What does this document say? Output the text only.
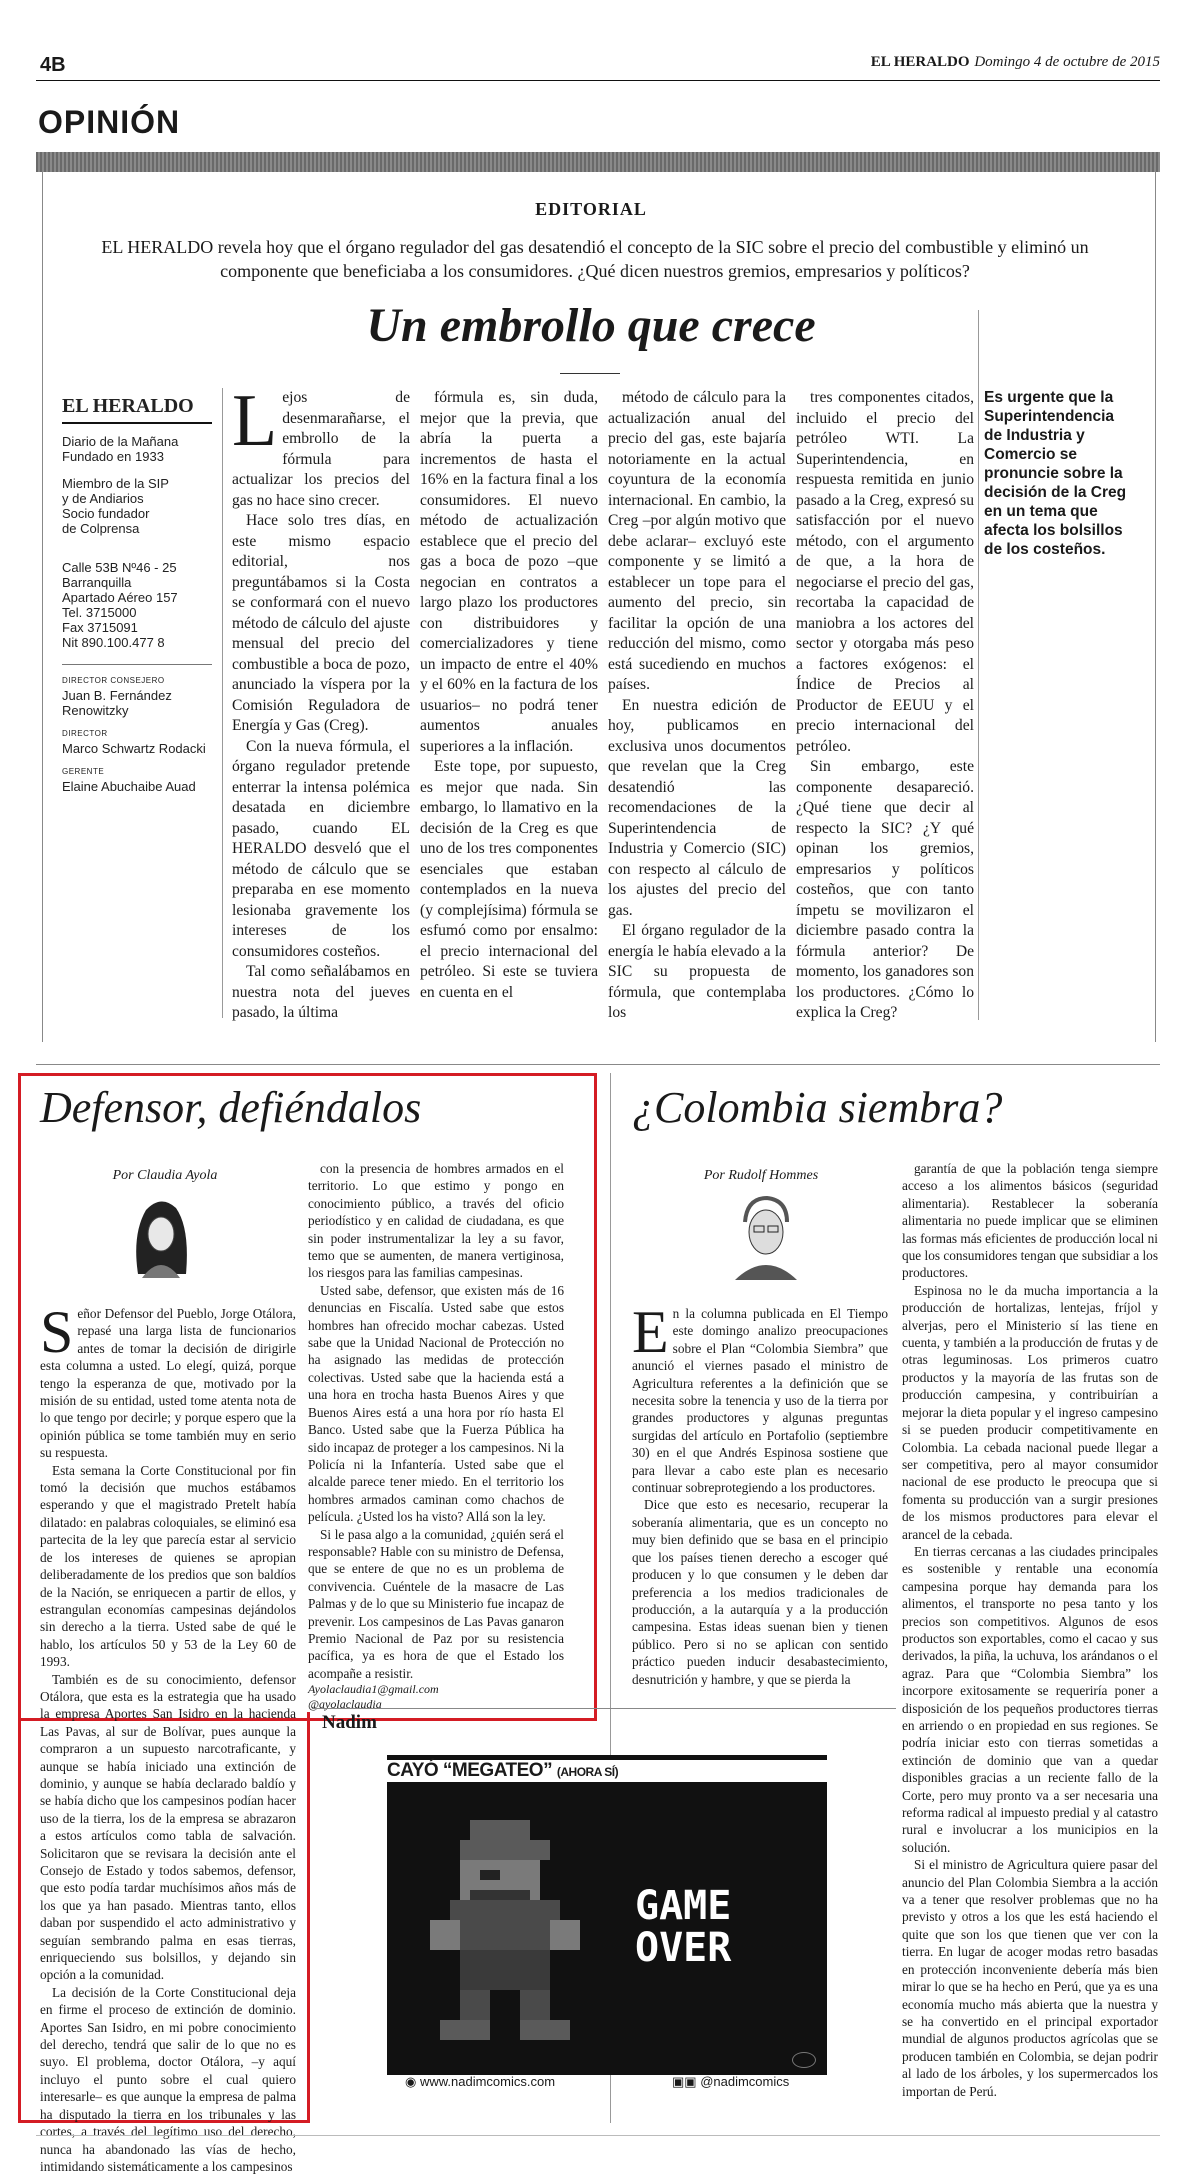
4B	EL HERALDO Domingo 4 de octubre de 2015
OPINIÓN
EDITORIAL
EL HERALDO revela hoy que el órgano regulador del gas desatendió el concepto de la SIC sobre el precio del combustible y eliminó un componente que beneficiaba a los consumidores. ¿Qué dicen nuestros gremios, empresarios y políticos?
Un embrollo que crece
EL HERALDO
Diario de la Mañana
Fundado en 1933
Miembro de la SIP
y de Andiarios
Socio fundador
de Colprensa
Calle 53B Nº46 - 25
Barranquilla
Apartado Aéreo 157
Tel. 3715000
Fax 3715091
Nit 890.100.477 8
DIRECTOR CONSEJERO
Juan B. Fernández Renowitzky
DIRECTOR
Marco Schwartz Rodacki
GERENTE
Elaine Abuchaibe Auad

Lejos de desenmarañarse, el embrollo de la fórmula para actualizar los precios del gas no hace sino crecer.

Hace solo tres días, en este mismo espacio editorial, nos preguntábamos si la Costa se conformará con el nuevo método de cálculo del ajuste mensual del precio del combustible a boca de pozo, anunciado la víspera por la Comisión Reguladora de Energía y Gas (Creg).

Con la nueva fórmula, el órgano regulador pretende enterrar la intensa polémica desatada en diciembre pasado, cuando EL HERALDO desveló que el método de cálculo que se preparaba en ese momento lesionaba gravemente los intereses de los consumidores costeños.

Tal como señalábamos en nuestra nota del jueves pasado, la última

fórmula es, sin duda, mejor que la previa, que abría la puerta a incrementos de hasta el 16% en la factura final a los consumidores. El nuevo método de actualización establece que el precio del gas a boca de pozo –que negocian en contratos a largo plazo los productores con distribuidores y comercializadores y tiene un impacto de entre el 40% y el 60% en la factura de los usuarios– no podrá tener aumentos anuales superiores a la inflación.

Este tope, por supuesto, es mejor que nada. Sin embargo, lo llamativo en la decisión de la Creg es que uno de los tres componentes esenciales que estaban contemplados en la nueva (y complejísima) fórmula se esfumó como por ensalmo: el precio internacional del petróleo. Si este se tuviera en cuenta en el

método de cálculo para la actualización anual del precio del gas, este bajaría notoriamente en la actual coyuntura de la economía internacional. En cambio, la Creg –por algún motivo que debe aclarar– excluyó este componente y se limitó a establecer un tope para el aumento del precio, sin facilitar la opción de una reducción del mismo, como está sucediendo en muchos países.

En nuestra edición de hoy, publicamos en exclusiva unos documentos que revelan que la Creg desatendió las recomendaciones de la Superintendencia de Industria y Comercio (SIC) con respecto al cálculo de los ajustes del precio del gas.

El órgano regulador de la energía le había elevado a la SIC su propuesta de fórmula, que contemplaba los

tres componentes citados, incluido el precio del petróleo WTI. La Superintendencia, en respuesta remitida en junio pasado a la Creg, expresó su satisfacción por el nuevo método, con el argumento de que, a la hora de negociarse el precio del gas, recortaba la capacidad de maniobra a los actores del sector y otorgaba más peso a factores exógenos: el Índice de Precios al Productor de EEUU y el precio internacional del petróleo.

Sin embargo, este componente desapareció. ¿Qué tiene que decir al respecto la SIC? ¿Y qué opinan los gremios, empresarios y políticos costeños, que con tanto ímpetu se movilizaron el diciembre pasado contra la fórmula anterior? De momento, los ganadores son los productores. ¿Cómo lo explica la Creg?

Es urgente que la Superintendencia de Industria y Comercio se pronuncie sobre la decisión de la Creg en un tema que afecta los bolsillos de los costeños.
Defensor, defiéndalos
Por Claudia Ayola

Señor Defensor del Pueblo, Jorge Otálora, repasé una larga lista de funcionarios antes de tomar la decisión de dirigirle esta columna a usted. Lo elegí, quizá, porque tengo la esperanza de que, motivado por la misión de su entidad, usted tome atenta nota de lo que tengo por decirle; y porque espero que la opinión pública se tome también muy en serio su respuesta.

Esta semana la Corte Constitucional por fin tomó la decisión que muchos estábamos esperando y que el magistrado Pretelt había dilatado: en palabras coloquiales, se eliminó esa partecita de la ley que parecía estar al servicio de los intereses de quienes se apropian deliberadamente de los predios que son baldíos de la Nación, se enriquecen a partir de ellos, y estrangulan economías campesinas dejándolos sin derecho a la tierra. Usted sabe de qué le hablo, los artículos 50 y 53 de la Ley 60 de 1993.

También es de su conocimiento, defensor Otálora, que esta es la estrategia que ha usado la empresa Aportes San Isidro en la hacienda Las Pavas, al sur de Bolívar, pues aunque la compraron a un supuesto narcotraficante, y aunque se había iniciado una extinción de dominio, y aunque se había declarado baldío y se había dicho que los campesinos podían hacer uso de la tierra, los de la empresa se abrazaron a estos artículos como tabla de salvación. Solicitaron que se revisara la decisión ante el Consejo de Estado y todos sabemos, defensor, que esto podía tardar muchísimos años más de los que ya han pasado. Mientras tanto, ellos daban por suspendido el acto administrativo y seguían sembrando palma en esas tierras, enriqueciendo sus bolsillos, y dejando sin opción a la comunidad.

La decisión de la Corte Constitucional deja en firme el proceso de extinción de dominio. Aportes San Isidro, en mi pobre conocimiento del derecho, tendrá que salir de lo que no es suyo. El problema, doctor Otálora, –y aquí incluyo el punto sobre el cual quiero interesarle– es que aunque la empresa de palma ha disputado la tierra en los tribunales y las cortes, a través del legítimo uso del derecho, nunca ha abandonado las vías de hecho, intimidando sistemáticamente a los campesinos

con la presencia de hombres armados en el territorio. Lo que estimo y pongo en conocimiento público, a través del oficio periodístico y en calidad de ciudadana, es que sin poder instrumentalizar la ley a su favor, temo que se aumenten, de manera vertiginosa, los riesgos para las familias campesinas.

Usted sabe, defensor, que existen más de 16 denuncias en Fiscalía. Usted sabe que estos hombres han ofrecido mochar cabezas. Usted sabe que la Unidad Nacional de Protección no ha asignado las medidas de protección colectivas. Usted sabe que la hacienda está a una hora en trocha hasta Buenos Aires y que Buenos Aires está a una hora por río hasta El Banco. Usted sabe que la Fuerza Pública ha sido incapaz de proteger a los campesinos. Ni la Policía ni la Infantería. Usted sabe que el alcalde parece tener miedo. En el territorio los hombres armados caminan como chachos de película. ¿Usted los ha visto? Allá son la ley.

Si le pasa algo a la comunidad, ¿quién será el responsable? Hable con su ministro de Defensa, que se entere de que no es un problema de convivencia. Cuéntele de la masacre de Las Palmas y de lo que su Ministerio fue incapaz de prevenir. Los campesinos de Las Pavas ganaron Premio Nacional de Paz por su resistencia pacífica, ya es hora de que el Estado los acompañe a resistir.

Ayolaclaudia1@gmail.com
@ayolaclaudia
¿Colombia siembra?
Por Rudolf Hommes

En la columna publicada en El Tiempo este domingo analizo preocupaciones sobre el Plan “Colombia Siembra” que anunció el viernes pasado el ministro de Agricultura referentes a la definición que se necesita sobre la tenencia y uso de la tierra por grandes productores y algunas preguntas surgidas del artículo en Portafolio (septiembre 30) en el que Andrés Espinosa sostiene que para llevar a cabo este plan es necesario continuar sobreprotegiendo a los productores.

Dice que esto es necesario, recuperar la soberanía alimentaria, que es un concepto no muy bien definido que se basa en el principio que los países tienen derecho a escoger qué producen y lo que consumen y le deben dar preferencia a los medios tradicionales de producción, a la autarquía y a la producción campesina. Estas ideas suenan bien y tienen público. Pero si no se aplican con sentido práctico pueden inducir desabastecimiento, desnutrición y hambre, y que se pierda la

garantía de que la población tenga siempre acceso a los alimentos básicos (seguridad alimentaria). Restablecer la soberanía alimentaria no puede implicar que se eliminen las formas más eficientes de producción local ni que los consumidores tengan que subsidiar a los productores.

Espinosa no le da mucha importancia a la producción de hortalizas, lentejas, fríjol y alverjas, pero el Ministerio sí las tiene en cuenta, y también a la producción de frutas y de otras leguminosas. Los primeros cuatro productos y la mayoría de las frutas son de producción campesina, y contribuirían a mejorar la dieta popular y el ingreso campesino si se pueden producir competitivamente en Colombia. La cebada nacional puede llegar a ser competitiva, pero al mayor consumidor nacional de ese producto le preocupa que si fomenta su producción van a surgir presiones de los mismos productores para elevar el arancel de la cebada.

En tierras cercanas a las ciudades principales es sostenible y rentable una economía campesina porque hay demanda para los alimentos, el transporte no pesa tanto y los precios son competitivos. Algunos de esos productos son exportables, como el cacao y sus derivados, la piña, la uchuva, los arándanos o el agraz. Para que “Colombia Siembra” los incorpore exitosamente se requeriría poner a disposición de los pequeños productores tierras en arriendo o en propiedad en sus regiones. Se podría iniciar esto con tierras sometidas a extinción de dominio que van a quedar disponibles gracias a un reciente fallo de la Corte, pero muy pronto va a ser necesaria una reforma radical al impuesto predial y al catastro rural e involucrar a los municipios en la solución.

Si el ministro de Agricultura quiere pasar del anuncio del Plan Colombia Siembra a la acción va a tener que resolver problemas que no ha previsto y otros a los que les está haciendo el quite que son los que tienen que ver con la tierra. En lugar de acoger modas retro basadas en protección inconveniente debería más bien mirar lo que se ha hecho en Perú, que ya es una economía mucho más abierta que la nuestra y se ha convertido en el principal exportador mundial de algunos productos agrícolas que se producen también en Colombia, se dejan podrir al lado de los árboles, y los supermercados los importan de Perú.

Nadim
CAYÓ “MEGATEO” (AHORA SÍ)
GAME
OVER
◉ www.nadimcomics.com	▣▣ @nadimcomics
